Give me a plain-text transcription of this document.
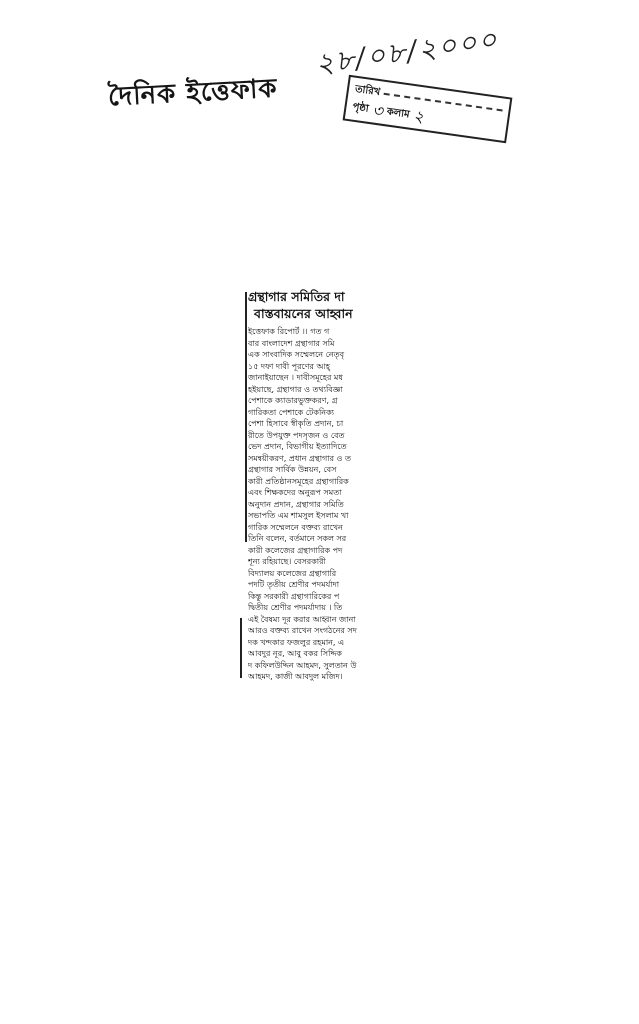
দৈনিক ইত্তেফাক
২৮/০৮/২০০০
তারিখ
পৃষ্ঠা ৩ কলাম ২
গ্রন্থাগার সমিতির দা
বাস্তবায়নের আহ্বান
ইত্তেফাক রিপোর্ট ।। গত গ
বার বাংলাদেশ গ্রন্থাগার সমি
এক সাংবাদিক সম্মেলনে নেতৃবৃ
১৫ দফা দাবী পূরণের আহ্
জানাইয়াছেন । দাবীসমূহের মধ
হইয়াছে, গ্রন্থাগার ও তথ্যবিজ্ঞা
পেশাকে ক্যাডারভুক্তকরণ, গ্র
গারিকতা পেশাকে টেকনিক্য
পেশা হিসাবে স্বীকৃতি প্রদান, চা
রীতে উপযুক্ত পদসৃজন ও বেত
ভেদ প্রদান, বিভাগীয় ইত্যাদিতে
সমন্বয়ীকরণ, প্রধান গ্রন্থাগার ও ত
গ্রন্থাগার সার্বিক উন্নয়ন, বেস
কারী প্রতিষ্ঠানসমূহের গ্রন্থাগারিক
এবং শিক্ষকদের অনুরূপ সমতা
অনুদান প্রদান, গ্রন্থাগার সমিতি
সভাপতি এম শামসুল ইসলাম খা
গারিক সম্মেলনে বক্তব্য রাখেন
তিনি বলেন, বর্তমানে সকল সর
কারী কলেজের গ্রন্থাগারিক পদ
শূন্য রহিয়াছে। বেসরকারী
বিদ্যালয় কলেজের গ্রন্থাগারি
পদটি তৃতীয় শ্রেণীর পদমর্যাদা
কিন্তু সরকারী গ্রন্থাগারিকের প
দ্বিতীয় শ্রেণীর পদমর্যাদায় । তি
এই বৈষম্য দূর করার আহ্বান জানা
আরও বক্তব্য রাখেন সংগঠনের সদ
দক খন্দকার ফজলুর রহমান, এ
আবদুর নূর, আবু বকর সিদ্দিক
দ কফিলউদ্দিন আহমদ, সুলতান উ
আহমদ, কাজী আবদুল মজিদ।
